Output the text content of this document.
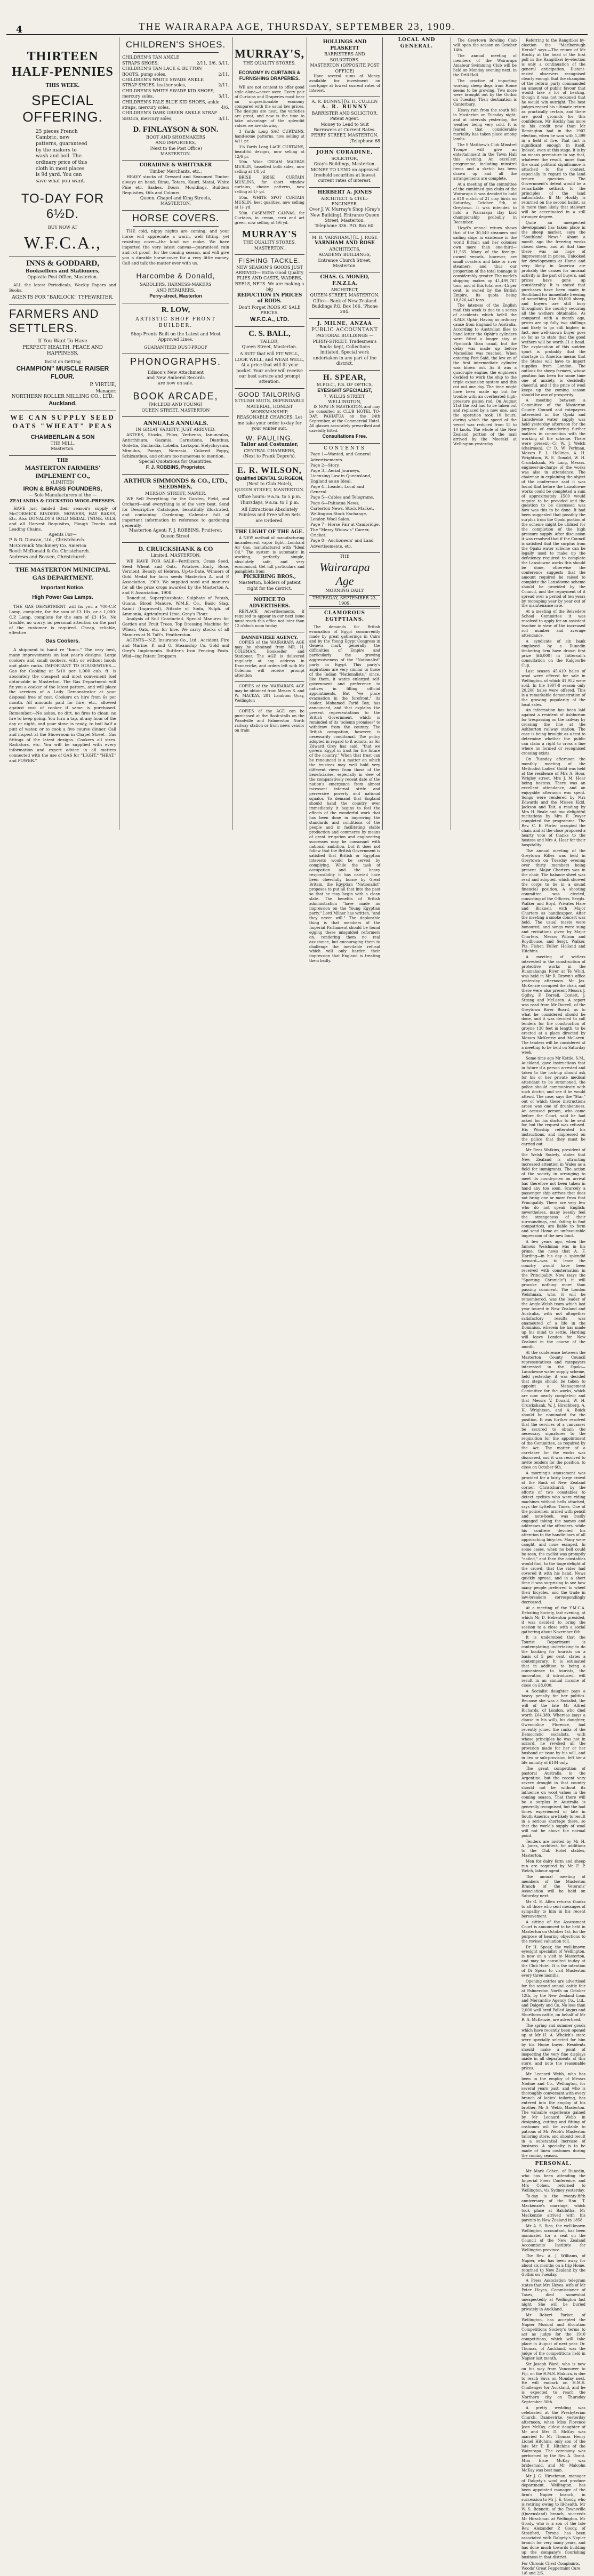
4	THE WAIRARAPA AGE, THURSDAY, SEPTEMBER 23, 1909.
THIRTEEN HALF-PENNIES
THIS WEEK.
SPECIAL OFFERING.
25 pieces French Cambric, new patterns, guaranteed by the makers to wash and boil. The ordinary price of this cloth in most places is 9d yard. You can save what you want.
TO-DAY FOR 6½D.
BUY NOW AT
W.F.C.A.,
INNS & GODDARD,
Booksellers and Stationers,
Opposite Post Office, Masterton.
ALL the latest Periodicals, Weekly Papers and Books.
AGENTS FOR "BARLOCK" TYPEWRITER.
FARMERS AND SETTLERS.
If You Want To Have
PERFECT HEALTH, PEACE AND HAPPINESS,
Insist on Getting
CHAMPION" MUSCLE RAISER FLOUR.
P. VIRTUE,
Manager.
NORTHERN ROLLER MILLING CO., LTD.
Auckland.
WE CAN SUPPLY SEED OATS "WHEAT" PEAS
CHAMBERLAIN & SON
THE MILL,
Masterton.
THE
MASTERTON FARMERS'
IMPLEMENT CO.,
(LIMITED)
IRON & BRASS FOUNDERS,
— Sole Manufacturers of the —
ZEALANDIA & COCKATOO WOOL-PRESSES.
HAVE just landed their season's supply of McCORMICK BINDERS, MOWERS, HAY RAKES, Etc. Also DONALDY'S GOLD MEDAL TWINE, OILS, and all Harvest Requisites, Plough Tracks and Leading Chains.
Agents For—
P. & D. Duncan, Ltd., Christchurch.
McCormick Machinery Co. America
Booth McDonald & Co. Christchurch.
Andrews and Beaven, Christchurch.
THE MASTERTON MUNICIPAL GAS DEPARTMENT.
Important Notice.
High Power Gas Lamps.
THE GAS DEPARTMENT will fix you a 700-C.P. Lamp, complete, for the sum of £3 10s, or a 1,000-C.P. Lamp, complete for the sum of £3 15s. No trouble, no worry, no personal attention on the part of the customer is required. Cheap, reliable, effective.
Gas Cookers.
A shipment to hand re "Ionic." The very best, many improvements on last year's designs. Large cookers and small cookers, with or without hoods and plate racks. IMPORTANT TO HOUSEWIVES.—Gas for Cooking at 5/10 per 1,000 cub. ft. is absolutely the cheapest and most convenient fuel obtainable in Masterton. The Gas Department will fix you a cooker of the latest pattern, and will place the services of a Lady Demonstrator at your disposal free of cost. Cookers on hire from 6s per month. All amounts paid for hire, etc., allowed against cost of cooker if same is purchased. Remember.—No ashes, no dirt, no fires to clean, no fire to keep going. You turn a tap, at any hour of the day or night, and your stove is ready, to boil half a pint of water, or to cook a five course dinner. Call and inspect at the Showroom in Chapel Street—Gas fittings of the latest designs. Cookers all sizes. Radiators, etc. You will be supplied with every information and expert advice in all matters connected with the use of GAS for "LIGHT," "HEAT," and POWER."
CHILDREN'S SHOES.
CHILDREN'S TAN ANKLE STRAPS SHOES,	2/11, 3/6, 3/11.
CHILDREN'S TAN LACE & BUTTON BOOTS, pump soles,	2/11.
CHILDREN'S WHITE SWADE ANKLE STRAP SHOES, leather soles,	2/11.
CHILDREN'S WHITE SWADE KID SHOES, mercury soles,	3/11.
CHILDREN'S PALE BLUE KID SHOES, ankle straps, mercury soles,	4/6.
CHILDREN'S DARK GREEN ANKLE STRAP SHOES, mercury soles,	3/11.
D. FINLAYSON & SON.
BOOT AND SHOEMAKERS
AND IMPORTERS,
(Next to the Post Office)
MASTERTON.
CORADINE & WHITTAKER
Timber Merchants, etc.,
HEAVY stocks of Dressed and Seasoned Timber always on hand. Rimu, Totara, Kauri, Matai, White Pine etc. Sashes, Doors, Mouldings. Builders Requisites, Oils and Colours.
Queen, Chapel and King Streets,
MASTERTON.
HORSE COVERS.
THE cold, nippy nights are coming, and your horse will appreciate a warm, well fitting, yet resisting cover—the kind we make. We have imported the very latest canvas—guaranteed rain and rot proof—for the coming season, and will give you a durable horse-cover for a very little money. Call and talk the matter over with us.
Harcombe & Donald,
SADDLERS, HARNESS-MAKERS
AND REPAIRERS,
Perry-street, Masterton
R. LOW,
ARTISTIC SHOP FRONT BUILDER.
Shop Fronts Built on the Latest and Most Approved Lines.
GUARANTEED DUST-PROOF
PHONOGRAPHS.
Edison's New Attachment and New Amberol Records are now on sale.
BOOK ARCADE,
[McLEOD AND YOUNG]
QUEEN STREET, MASTERTON
ANNUALS ANNUALS.
IN GREAT VARIETY, JUST ARRIVED.
ASTERS, Stocks, Phlox, Verbenas, Ianunculas, Antirrhinum, Gazania, Carnations, Dianthus, Godetia, Gaillardia, Lobelia, Larkspur, Helychrysum, Mimulus, Pansys, Nemesia, Colored Poppy, Schizanthus, and others too numerous to mention.
Special Quotations for Quantities.
F. J. ROBBINS, Proprietor.
ARTHUR SIMMONDS & CO., LTD.,
SEEDSMEN,
MERSON STREET, NAPIER.
WE Sell Everything for the Garden, Field, and Orchard—and everything is of the very best. Send for Descriptive Catalogue, beautifully illustrated, and containing Gardening Calendar full of important information in reference to gardening generally.
Masterton Agent; F. J. ROBBINS, Fruiterer, Queen Street.
D. CRUICKSHANK & CO
Limited, MASTERTON.
WE HAVE FOR SALE—Fertilizers, Grass Seed, Seed Wheat and Oats. Potatoes—Early Rose, Vermont, Beauty of Hebron, Up-to-Date. Winners of Gold Medal for farm seeds Masterton A. and P. Association, 1909. We supplied seed and manures for all the prize crops awarded by the Masterton A. and P. Association, 1908.
Bonedust, Superphosphate, Sulphate of Potash, Guano, Blood Manure, W.M.E. Co., Basic Slag, Kainit (Improved), Nitrate of Soda, Sulph. of Ammonia, Agricultural Lime, Grey's Flour.
Analysis of Soil Conducted. Special Manures for Garden and Fruit Trees. Top Dressing Machine for Wheat, Oats, etc. for hire. We carry stocks of all Manures at N. Taft's, Featherston.
AGENTS—N.Z. Insurance Co., Ltd., Accident, Fire and Marine. P. and O. Steamship Co. Gold and Grey's Implements. Buttler's Iron Fencing Posts. Wild—ing Patent Droppers
MURRAY'S,
THE QUALITY STORES.
ECONOMY IN CURTAINS & FURNISHING DRAPERIES.
WE are not content to offer good style alone—never were. Every pair of Curtains and Draperies must bear an unquestionable economy compared with the usual low prices. The designs are neat, the varieties are great, and now is the time to take advantage of the splendid values we are showing.
3 Yards Long SAC CURTAINS, hand-some patterns, now selling at 4/11 pr.
3¼ Yards Long LACE CURTAINS, beautiful designs, now selling at 12/6 pr.
50in. Wide CREAM MADRAS MUSLIN, tasselled both sides, now selling at 1/8 yd
BRISE BRISE CURTAIN MUSLINS, for short window curtains, choice patterns, now selling at 1/- yd.
50in. WHITE SPOT CURTAIN MUSLIN, best qualities, now selling at 1/- yd.
50in. CASEMENT CANVAS, for Curtains, in cream, ecru and art green, now selling at 1/6 yd.
MURRAY'S
THE QUALITY STORES,
MASTERTON.
FISHING TACKLE.
NEW SEASON'S GOODS JUST ARRIVED— Extra Good Quality FLIES AND CASTS, WADERS, REELS, NETS. We are making a big
REDUCTION IN PRICES of RODS.
Don't Forget RODS AT SALE PRICES.
W.F.C.A., LTD.
C. S. BALL,
TAILOR,
Queen Street, Masterton.
A SUIT that will FIT WELL, LOOK WELL, and WEAR WELL, At a price that will fit your pocket. Your order will receive our best service and prompt attention.
GOOD TAILORING
STYLISH SUITS, DEPENDABLE MATERIAL, HONEST WORKMANSHIP, REASONABLE CHARGES. Let me take your order to-day for your winter suit.
W. PAULING,
Tailor and Costumier,
CENTRAL CHAMBERS,
(Next to Frank Depre's).
E. R. WILSON,
Qualified DENTAL SURGEON,
(Next to Club Hotel),
QUEEN STREET, MASTERTON.
Office hours: 9 a.m. to 5 p.m. Thursdays, 9 a.m. to 1 p.m.
All Extractions Absolutely Painless and Free when Sets are Ordered.
THE LIGHT OF THE AGE.
A NEW method of manufacturing incandescent vapor light—Lomhard Air Gas, manufactured with "Ideal Oil." The system is automatic in working, perfectly simple, absolutely safe, and very economical. Get full particulars and pamphlets from
PICKERING BROS.,
Masterton, holders of patent right for the district.
NOTICE TO ADVERTISERS.
REPLACE Advertisements, if required to appear in our next issue must reach this office not later than 12 o'clock noon to-day
DANNEVIRKE AGENCY.
COPIES of the WAIRARAPA AGE may be obtained from MR. H. COLEMAN, Bookseller and Stationer. The AGE is delivered regularly at any address in Dannevirke, and orders left with Mr Coleman will receive prompt attention
COPIES of the WAIRARAPA AGE may be obtained from Messrs S. and W. MACKAY, 201 Lambton Quay, Wellington
COPIES of the AGE can be purchased at the Book-stalls on the Woodville and Palmerston North railway station or from news vendor on train
HOLLINGS AND PLASKETT
BARRISTERS AND SOLICITORS.
MASTERTON (OPPOSITE POST OFFICE)
Have several sums of Money available for investment on mortgage at lowest current rates of interest.
A. R. BUNNY.] [G. H. CULLEN
A. R. BUNNY
BARRISTER AND SOLICITOR.
Patent Agent.
Money to Lend to Suit Borrowers at Current Rates.
PERRY STREET, MASTERTON.
[Telephone 68
JOHN CORADINE,
SOLICITOR,
Gray's Buildings, Masterton.
MONEY TO LEND on approved freehold securities at lowest current rates of interest.
HERBERT A. JONES
ARCHITECT & CIVIL-ENGINEER.
Over J. W. Murray's Shop (Gray's New Building), Entrance Queen Street, Masterton.
Telephone 336. P.O. Box 60.
M. R. VARNHAM.] [E. J. ROSE
VARNHAM AND ROSE
ARCHITECTS,
ACADEMY BUILDINGS,
Entrance Church Street, Masterton.
CHAS. G. MONEO, F.N.Z.I.A.
ARCHITECT,
QUEEN-STREET, MASTERTON.
Office—Bank of New Zealand Buildings P.O. Box 166. 'Phone 284.
J. MILNE, ANZAA
PUBLIC ACCOUNTANT
PASTORAL BUILDINGS — PERRY-STREET. Tradesmen's Books kept, Collections initiated. Special work undertaken in any part of the district.
H. SPEAR,
M.P.O.C., F.S. OF OPTICS,
EYESIGHT SPECIALIST,
7, WILLIS STREET, WELLINGTON,
IS NOW IN MASTERTON, and may be consulted at CLUB HOTEL TO-DAY. PAHIATUA on the 24th September, at the Commercial Hotel. All glasses accurately prescribed and carefully fitted.
Consultations Free.
CONTENTS
Page 1—Wanted, and General Advertisements.
Page 2—Story.
Page 3—Aerial Journeys, Licensing Law in Queensland, England as an Ideal.
Page 4—Leader, Local and General.
Page 5—Cables and Telegrams.
Page 6—Pahiatua News, Carterton News, Stock Market, Wellington Stock Exchange, London Wool Sales.
Page 7—Horse Fair at Cambridge, The "Merry Widow's" Career, Cricket.
Page 8—Auctioneers' and Land Advertisements, etc.
THE
Wairarapa Age
MORNING DAILY
THURSDAY, SEPTEMBER 23, 1909.
CLAMOROUS EGYPTIANS.
The demands for British evacuation of Egypt concurrently made by great gatherings in Cairo and by the Young Egypt Congress in Geneva mark generally the difficulties of Empire and particularly the growing aggressiveness of the "Nationalist" party in Egypt. This party's aspirations are very similar to those of the Indian "Nationalists," since, like them, it wants enlarged self-government and preference to natives in filling official appointments. But "we place evacuation in the forefront," its leader, Mohamed Farid Bey, has announced, and that explains the present representations to the British Government, which is reminded of its "solemn promises" to withdraw from the country. The British occupation, however, is necessarily conditional. The policy adopted in regard to it admits, as Sir Edward Grey has said, "that we govern Egypt in trust for the future of the country." When that trust can be renounced is a matter on which the trustees may well hold very different views from those of the beneficiaries, especially in view of the comparatively recent date of the nation's emergence from almost incessant internal strife and perversive poverty and national squalor. To demand that England should hand the country over immediately it begins to feel the effects of the wonderful work that has been done in improving the standards and conditions of the people and in facilitating stable production and commerce by means of great irrigation and engineering successes may be consonant with national ambition, but it does not follow that the British Government is satisfied that British or Egyptian interests would be served by complying. While the task of occupation and the heavy responsibility it has carried have been cheerfully borne by Great Britain, the Egyptian "Nationalist" proposes to put all that into the past so that he may begin with a clean slate. The benefits of British administration "have made no impression on the Young Egyptian party," Lord Milner has written, "and they never will." The deplorable thing is that members of the Imperial Parliament should be found egging these misguided reformers on, rendering them no real assistance, but encouraging them to challenge the inevitable refusal which will only harden their impression that England is treating them badly.
LOCAL AND GENERAL.
The Greytown Bowling Club will open the season on October 14th.
The annual meeting of members of the Wairarapa Amateur Swimming Club will be held on Monday evening next, in the Drill Hall.
The practice of importing working sheep dogs from Home seems to be growing. Two more were brought out by the Gothic on Tuesday. Their destination is Canterbury.
Heavy rain from the south fell in Masterton on Tuesday night, and at intervals yesterday, the weather being very cold. It is feared that considerable mortality has taken place among lambs.
The S Matthew's Club Minstrel Troupe will give an entertainment in the Town Hall this evening. An excellent programme, including minstrel items and a sketch has been drawn up and all the arrangements are complete.
At a meeting of the committee of the combined gun clubs of the Wairarapa it was decided to hold a £10 match of 21 clay birds on Saturday, October 9th, at Greytown. It was intended to hold a Wairarapa clay bird championship probably in December.
Lloyd's annual return shows that of the 30,540 steamers and sailing ships in existence in the world Britain and her colonies own more than one-third—11,565. Many of the foreign-owned vessels, however, are small coasters and lake or river steamers, and thus our proportion of the total tonnage is considerably greater. The world's shipping makes up 41,499,767 tons, and of this total over 45 per cent. is owned by the British Empire, its quota being 18,826,442 tons.
The lateness of the English mail this week is due to a series of accidents which befell the R.M.S. Ophir. Having no ordinary cause from England to Australia. According to Australian files to hand letter the Ophir's cylinders were fitted a longer stay at Plymouth than usual, but the delay was made up before Marseilles was reached. When entering Port Said, the low on of the first intermediate cylinder was blown out. As it was a quadruple engine, the engineers decided to work the ship to the triple expansion system and this cut out one day. The time might have been made up but for trouble with an overheated high-pressure piston rod. On August 21st the rod had to be taken out and replaced by a new one, and the operation took 10 hours, during which the speed of the vessel was reduced from 15 to 10 knots. The whole of the New Zealand portion of the mail arrived by the Moeraki at Wellington yesterday.
Referring to the Rangitikei by-election the "Marlborough Herald" says:—The return of Mr Hockly at the head of the first poll in the Rangitikei by-election is only a continuation of the general anticipation. Distant-rested observers recognised clearly enough that the champion of the reform party commanded an amount of public favour that would take a lot of beating, though it was not reckoned that he would win outright. The best judges regard his ultimate return as practically certain, and there are good grounds for this confidence. Mr Hockly has more to his credit now than Mr Remington had in the 1902 election, when he won with 1,399 in a field of five. That fact is significant enough in itself. Indeed, even at this stage, it is by no means premature to say that, whatever the result, more than the usual political significance is attached to the contest, especially in regard to the land tenure question. The Government's defeat would be a remarkable setback to the principles of the land nationalists. If Mr Hockly is returned on the second ballot, as is more than likely that stalwart will be accentuated in a still stronger degree.
Quite an unexpected development has taken place in the sheep market, says the "Southland News." About a month ago the freezing works closed down, and at that time there was no hope of improvement in prices. Unlooked for developments at Home and very likely in America are probably the causes for unusual activity in the part of buyers, and prices have gone up considerably. It is stated that purchases have been made in Southland for immediate freezing of something like 30,000 sheep, and buyers are still busy throughout the country securing all the wethers obtainable. As compared with a month ago, prices are up fully two shillings and likely to go still higher; in fact, one well-known buyer goes so far as to state that the good wethers will be worth £1 a head. The explanation of this sudden spurt is probably that the shortage in America means that the States will have to import supplies from London. The outlook for sheep farmers, whose position has been for some time one of anxiety, is decidedly cheerful, and if the price of wool keeps up the coming season should be one of prosperity.
A meeting between a Committee of the Masterton County Council and ratepayers interested in the Opaki and Lansdowne water supply was held yesterday afternoon for the purpose of considering further matters in connection with the working of the scheme. There were present—Cr W. J. Welch (chairman), Cr D. W. Perlman, Messrs F. L. Hollings, A. H. Wrightson, W. E. Donald, W. H. Cruickshank, Mr Lang, Messrs. engineer-in-charge of the works was also in attendance. The chairman in explaining the object of the conference said it was found that before the Lansdowne works could be completed a sum of approximately £500 would require to be provided and the question to be discussed was how was this to be done. It had been suggested that possibly the surplus from the Opaki portion of the scheme might be utilised for the completion of the high pressure supply. After discussion it was resolved that if the Council is satisfied that the surplus from the Opaki water scheme can be legally used to make up the deficiency required to complete the Lansdowne works this should be done, otherwise the conference suggests that the amount required be raised to complete the Lansdowne scheme should be provided by the Council, and the repayment of it spread over a period of ten years by recouping year by year out of the maintenance rate.
At a meeting of the Belvedere School Committee it was resolved to apply for an assistant teacher in view of the increased roll number and average attendance.
A syndicate of six bank employed by a Dunedin timbering firm have drawn first prize (£6,000) in Tattersall's consultation on the Kalgoorlie Cup.
Last season 45,419 bales of wool were offered for sale in Wellington, of which 41,952 were sold. In the 1907-8 season only 20,200 bales were offered. This is a remarkable demonstration of the growing popularity of the local sales.
An information has been laid against a resident of Ashburton for trespassing on the railway by crossing the line at the Ashburton railway station. The case is being brought as a test to determine whether the public can claim a right to cross a line where no formed or recognised crossing exists.
On Tuesday afternoon the monthly meeting of the Methodist Ladies' Guild was held at the residence of Mrs A. Hoar, Wrigley street, Mrs J. M. Hoar being hostess. There was an excellent attendance, and an enjoyable afternoon was spent. Songs were rendered by Mrs Edwards and the Misses Kidd, Jackson and Tait, a reading by Mrs H. Beale and two delightful recitations by Mrs F. Dwyer completed the programme. The Rev. C. E. Porter occupied the chair, and at the close proposed a hearty vote of thanks to the hostess and Mrs A. Hoar for their hospitality.
The annual meeting of the Greytown Rifles was held in Greytown on Tuesday evening over thirty members being present. Major Charters was in the chair. The balance sheet was read and adopted, which showed the corps to be in a sound financial position. A shooting committee was elected, consisting of the Officers, Sergts. Walker and Boyd, Privates Hare and Bicknell, with Major Charters as handicapper. After the meeting a smoke concert was held. The usual toasts were honoured, and songs were sung and recitations given by Major Charters, Messrs Wilson and Roydhouse, and Sergt. Walker, Pts. Fisher, Fuller, Holland and Hitchins.
A meeting of settlers interested in the construction of protective works in the Ruamahanga River at Te Whiti, was held in Mr R. Brown's office yesterday afternoon. Mr Jas. McKenzie occupied the chair, and there were also present Messrs J. Ogilvy, F. Dorrell, Corlett, J. Strang and McLaren. A report was read from Mr Dorrell, of the Greytown River Board, as to what he considered should be done, and it was decided to call tenders for the construction of groyne 130 feet in length, to be erected at a place directed by Messrs McKenzie and McLaren. The tenders will be considered at a meeting to be held on Saturday week.
Some time ago Mr Kettle, S.M., Auckland, gave instructions that in future if a person arrested and taken to the lock-up should ask for his or her private medical attendant to be summoned, the police should communicate with such doctor, and see if he would attend. The case, says the "Star," out of which these instructions arose was one of drunkenness. An accused person, who came before the Court, said he had asked for his doctor to be sent for, but the request was refused. His Worship reiterated his instructions, and impressed on the police that they must be carried out.
Mr Rees Watkins, president of the Welsh Society, states that New Zealand is attracting increased attention in Wales as a field for immigrants. The action of the society in arranging to meet its countrymen on arrival has therefore not been taken in hand any too soon. Scarcely a passenger ship arrives that does not bring one or more from that Principality. There are very few who do not speak English; nevertheless, many keenly feel the strangeness of their surroundings, and, failing to find compatriots, are liable to form and send Home an unfavourable impression of the new land.
A few years ago, when the famous Welshman was in his prime, the news that A. F. Harding—in his day a splendid forward—was to leave the country would have been received with consternation in the Principality. Now (says the "Sporting Chronicle") it will provoke nothing more than passing comment. The London Welshman, who, it will be remembered, was the leader of the Anglo-Welsh team which last year toured in New Zealand and Australia, with not altogether satisfactory results was enamoured of a life in the Dominion, wherein he has made up his mind to settle. Harding will leave London for New Zealand in the course of the month.
At the conference between the Masterton County Council representatives and ratepayers interested in the Opaki—Lansdowne water supply scheme, held yesterday, it was decided that steps should be taken to appoint a Management Committee for the works, which are now nearly completed; and that Messrs V. Donald, W. H. Cruickshank, W. J. Hirschberg, A. H. Wrightson, and A. Buick should be nominated for the position. It was further resolved that the services of a canvasser be secured to obtain the necessary signatures to the requisition for the appointment of the Committee, as required by the Act. The matter of a caretaker for the works was discussed, and it was resolved to invite tenders for the position, to close on October 6th.
A morning's amusement was provided for a fairly large crowd at the Bank of New Zealand corner, Christchurch, by the efforts of two constables to detect cyclists who were riding machines without bells attached, says the Lyttelton Times. One of the policemen, armed with pencil and note-book, was busily engaged taking the names and addresses of the offenders, while his confrere devoted his attention to the handle-bars of all approaching bicycles. Many were caught, and none escaped. In some cases, when no bell could be seen, the cyclist was promptly "nailed," and then the constables would find, to the huge delight of the crowd, that the rider had covered it with his hand. News quickly spread, and in a short time it was surprising to see how many people preferred to wheel their bicycles, and the trade in law-breakers correspondingly decreased.
At a meeting of the Y.M.C.A. Debating Society, last evening, at which Mr D. Hebenton presided, it was decided to bring the session to a close with a social gathering about November 6th.
It is understood that the Tourist Department is contemplating undertaking to do the booking for tourists on a basis of 5 per cent. states a contemporary. It is estimated that in addition to being a convenience to tourists, the innovation, if introduced, will result in an annual income of close on £8,000.
A Socialist daughter pays a heavy penalty for her politics. Because she was a Socialist, the will of the late Mr Alfred Richards, of London, who died worth £64,389. Whereas (says a clause in his will), his daughter, Gwendoline Florence, had recently joined the ranks of the Democratic socialists, with whose principles he was not in accord, he revoked all the provision made for her or her husband or issue by his will, and in lieu or sub-provision, left her a life annuity of £104 only.
The great competition of pastoral Australia is the Argentine, but the recent very severe drought in that country should not be without its influence on wool values in the coming season. That there will be a surplus in Australia is generally recognised, but the bad times experienced of late in South America are likely to result in a serious shortage there, so that the world's supply of wool will not be above the normal point.
Tenders are invited by Mr H. A. Jones, architect, for additions to the Club Hotel stables, Masterton.
Men for dairy farm and sheep run are required by Mr F. P. Welch, labour agent.
The annual meeting of members of the Masterton Branch of the Veterans' Association will be held on Saturday next.
Mr G. E. Allen returns thanks to all those who sent messages of sympathy to him in his recent bereavement.
A sitting of the Assessment Court is announced to be held in Masterton on October 1st, for the purpose of hearing objections to the revised valuation roll.
Dr H. Spear, the well-known eyesight specialist of Wellington, is now on a visit to Masterton, and may be consulted to-day at the Club Hotel. It is the intention of Dr Spear to visit Masterton every three months.
Opening entries are advertised for the second annual cattle fair at Palmerston North on October 12th, by the New Zealand Loan and Mercantile Agency Co., Ltd., and Dalgety and Co. No less than 2,000 well-bred Polled Angus and Shorthorn cattle, on behalf of Mr R. A. McKenzie, are advertised.
The spring and summer goods which have recently been opened up at Mr H. A. Whelch's store were specially selected for him by his Home buyer. Residents should make a point of inspecting the very fine displays made in all departments at this store, and note the reasonable prices.
Mr Leonard Webb, who has been in the employ of Messrs Nodine and Co., Wellington, for several years past, and who is thoroughly conversant with every branch of ladies' tailoring, has entered into the employ of his brother, Mr A. Webb, Masterton. The valuable experience gained by Mr Leonard Webb in designing, cutting and fitting of costumes will be available to patrons of Mr Webb's Masterton tailoring store, and should result in a substantial increase of business. A specialty is to be made of linen costumes during the coming season.
PERSONAL.
Mr Mark Cohen, of Dunedin, who has been attending the Imperial Press Conference, and Mrs Cohen, returned to Wellington, via Sydney yesterday.
To-day is the twenty-fifth anniversary of the Hon. T. Mackenzie's marriage, which took place at Balclutha. Mr Mackenzie arrived with his parents in New Zealand in 1858.
Mr A. S. Bies, the well-known Wellington accountant, has been nominated for a seat on the Council of the New Zealand Accountants' Institute for Wellington province.
The Rev. A. J. Williams, of Napier, who has been away for about six months on a trip Home, returned to New Zealand by the Gothic on Tuesday.
A Press Association telegram states that Mrs Heyes, wife of Mr Peter Heyes, Commissioner of Taxes, died somewhat unexpectedly at Wellington last night. She will be buried privately in Auckland.
Mr Robert Parker, of Wellington, has accepted the Napier Musical and Elocution Competitions Society's terms to act as judge for the 1910 competitions, which will take place in August of next year. Dr. Thomas, of Auckland, was the judge of the competitions held in Napier last month.
Sir Joseph Ward, who is now on his way from Vancouver to Fiji, on the R.M.S. Makura, is due to reach Suva on Monday next. He will embark on H.M.S. Challenger for Auckland, and he is expected to reach the Northern city on Thursday September 30th.
A pretty wedding was celebrated at the Presbyterian Church, Dannevirke, yesterday afternoon, when Miss Florence Jean McKay, eldest daughter of Mr and Mrs D. McKay was married to Mr Thomas Henry Lionel Hitchins, only son of the late Mr T. B. Hitchins of the Wairarapa. The ceremony was performed by the Rev A. Grant. Miss Elsie McKay was bridesmaid, and Mr Malcolm McKay was best man.
Mr J. G. Hirschman, manager of Dalgety's wool and produce department, Wellington, has been appointed manager of the firm's Napier branch, in succession to Mr J. E. Goody, who is retiring owing to ill-health. Mr W. S. Bennett, of the Townsville (Queensland) branch, succeeds Mr Hirschman at Wellington. Mr Goody, who is a son of the late Rev. Alexander P. Goody, of Stratford, Tyrone has been associated with Dalgety's Napier branch for very many years, and has done much towards building up the company's flourishing business in that district.
For Chronic Chest Complaints, Woods' Great Peppermint Cure, 1/6 and 2/6.
